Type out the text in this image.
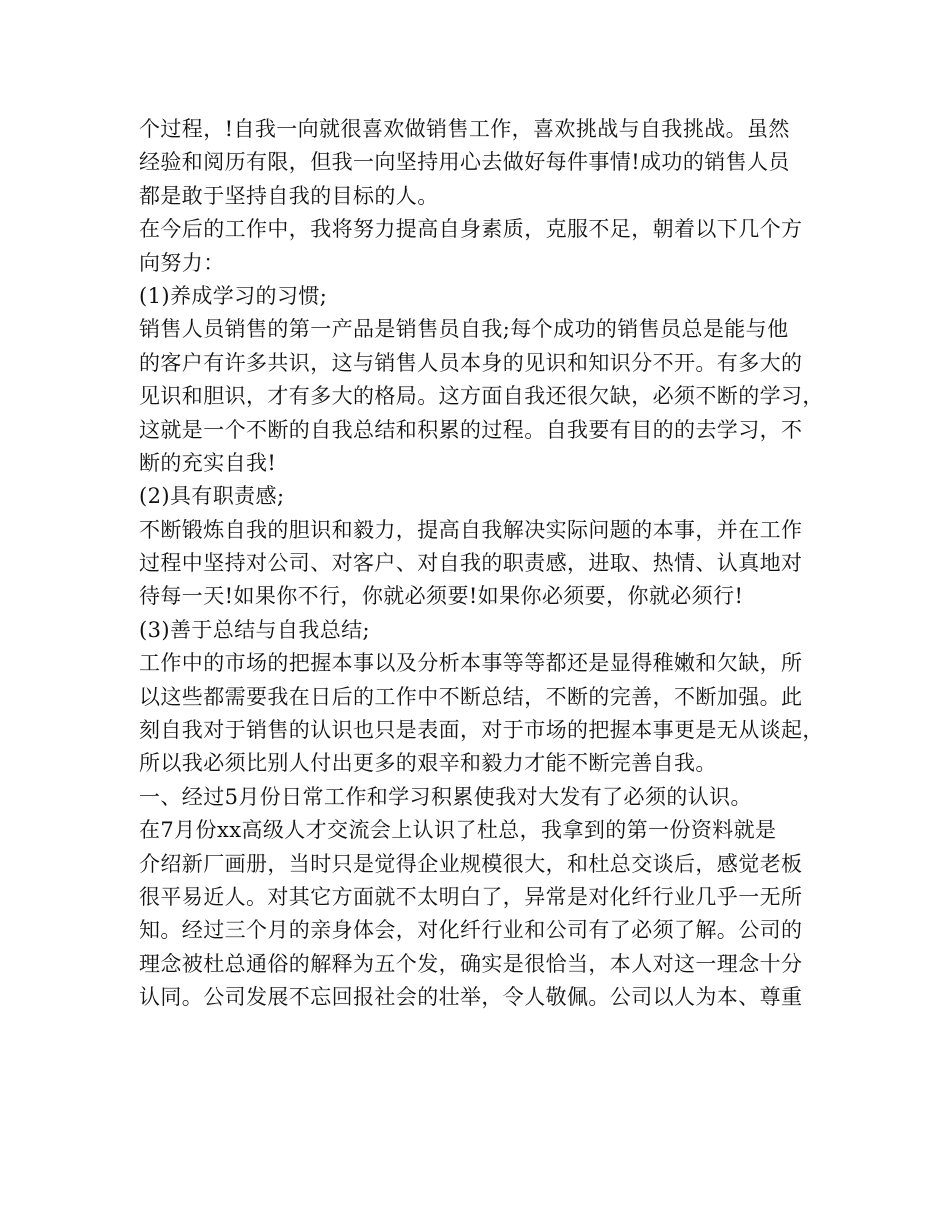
个过程，!自我一向就很喜欢做销售工作，喜欢挑战与自我挑战。虽然
经验和阅历有限，但我一向坚持用心去做好每件事情!成功的销售人员
都是敢于坚持自我的目标的人。
在今后的工作中，我将努力提高自身素质，克服不足，朝着以下几个方
向努力：
(1)养成学习的习惯;
销售人员销售的第一产品是销售员自我;每个成功的销售员总是能与他
的客户有许多共识，这与销售人员本身的见识和知识分不开。有多大的
见识和胆识，才有多大的格局。这方面自我还很欠缺，必须不断的学习，
这就是一个不断的自我总结和积累的过程。自我要有目的的去学习，不
断的充实自我!
(2)具有职责感;
不断锻炼自我的胆识和毅力，提高自我解决实际问题的本事，并在工作
过程中坚持对公司、对客户、对自我的职责感，进取、热情、认真地对
待每一天!如果你不行，你就必须要!如果你必须要，你就必须行!
(3)善于总结与自我总结;
工作中的市场的把握本事以及分析本事等等都还是显得稚嫩和欠缺，所
以这些都需要我在日后的工作中不断总结，不断的完善，不断加强。此
刻自我对于销售的认识也只是表面，对于市场的把握本事更是无从谈起，
所以我必须比别人付出更多的艰辛和毅力才能不断完善自我。
一、经过5月份日常工作和学习积累使我对大发有了必须的认识。
在7月份xx高级人才交流会上认识了杜总，我拿到的第一份资料就是
介绍新厂画册，当时只是觉得企业规模很大，和杜总交谈后，感觉老板
很平易近人。对其它方面就不太明白了，异常是对化纤行业几乎一无所
知。经过三个月的亲身体会，对化纤行业和公司有了必须了解。公司的
理念被杜总通俗的解释为五个发，确实是很恰当，本人对这一理念十分
认同。公司发展不忘回报社会的壮举，令人敬佩。公司以人为本、尊重
